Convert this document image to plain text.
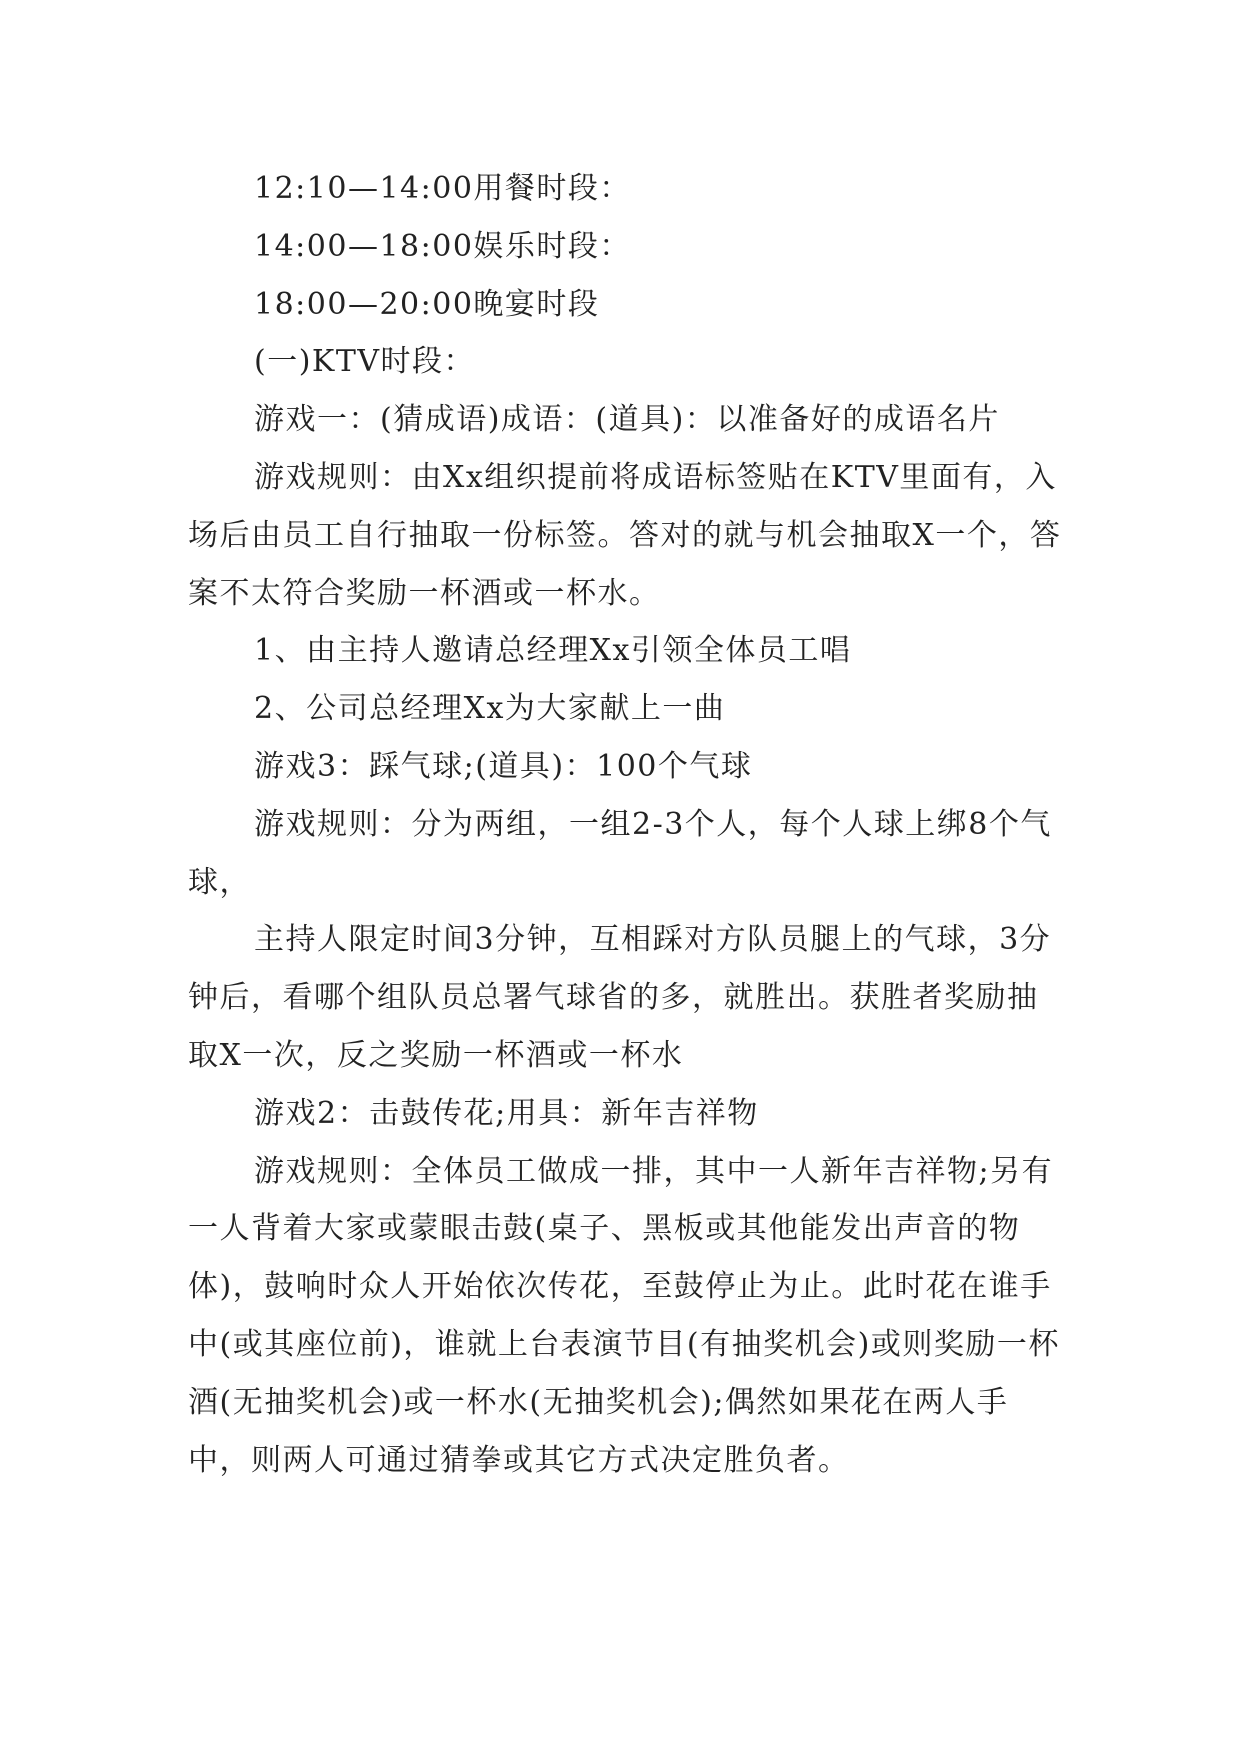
12:10—14:00用餐时段：

14:00—18:00娱乐时段：

18:00—20:00晚宴时段

(一)KTV时段：

游戏一：(猜成语)成语：(道具)：以准备好的成语名片

游戏规则：由Xx组织提前将成语标签贴在KTV里面有，入场后由员工自行抽取一份标签。答对的就与机会抽取X一个，答案不太符合奖励一杯酒或一杯水。

1、由主持人邀请总经理Xx引领全体员工唱

2、公司总经理Xx为大家献上一曲

游戏3：踩气球;(道具)：100个气球

游戏规则：分为两组，一组2-3个人，每个人球上绑8个气球，

主持人限定时间3分钟，互相踩对方队员腿上的气球，3分钟后，看哪个组队员总署气球省的多，就胜出。获胜者奖励抽取X一次，反之奖励一杯酒或一杯水

游戏2：击鼓传花;用具：新年吉祥物

游戏规则：全体员工做成一排，其中一人新年吉祥物;另有一人背着大家或蒙眼击鼓(桌子、黑板或其他能发出声音的物体)，鼓响时众人开始依次传花，至鼓停止为止。此时花在谁手中(或其座位前)，谁就上台表演节目(有抽奖机会)或则奖励一杯酒(无抽奖机会)或一杯水(无抽奖机会);偶然如果花在两人手中，则两人可通过猜拳或其它方式决定胜负者。
